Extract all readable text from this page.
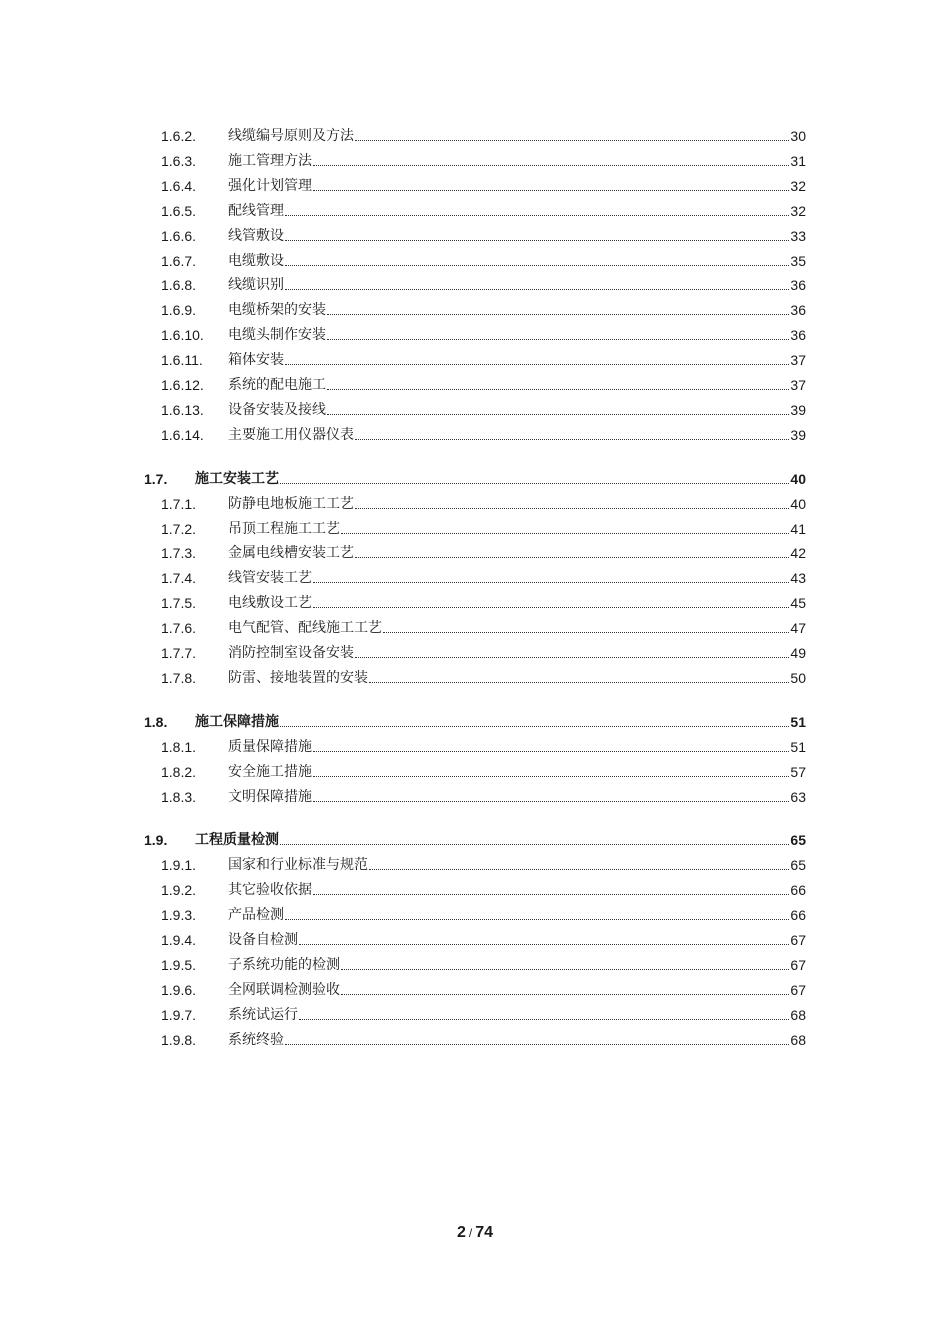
1.6.2.	线缆编号原则及方法	30
1.6.3.	施工管理方法	31
1.6.4.	强化计划管理	32
1.6.5.	配线管理	32
1.6.6.	线管敷设	33
1.6.7.	电缆敷设	35
1.6.8.	线缆识别	36
1.6.9.	电缆桥架的安装	36
1.6.10.	电缆头制作安装	36
1.6.11.	箱体安装	37
1.6.12.	系统的配电施工	37
1.6.13.	设备安装及接线	39
1.6.14.	主要施工用仪器仪表	39
1.7.	施工安装工艺	40
1.7.1.	防静电地板施工工艺	40
1.7.2.	吊顶工程施工工艺	41
1.7.3.	金属电线槽安装工艺	42
1.7.4.	线管安装工艺	43
1.7.5.	电线敷设工艺	45
1.7.6.	电气配管、配线施工工艺	47
1.7.7.	消防控制室设备安装	49
1.7.8.	防雷、接地装置的安装	50
1.8.	施工保障措施	51
1.8.1.	质量保障措施	51
1.8.2.	安全施工措施	57
1.8.3.	文明保障措施	63
1.9.	工程质量检测	65
1.9.1.	国家和行业标准与规范	65
1.9.2.	其它验收依据	66
1.9.3.	产品检测	66
1.9.4.	设备自检测	67
1.9.5.	子系统功能的检测	67
1.9.6.	全网联调检测验收	67
1.9.7.	系统试运行	68
1.9.8.	系统终验	68
2 / 74
